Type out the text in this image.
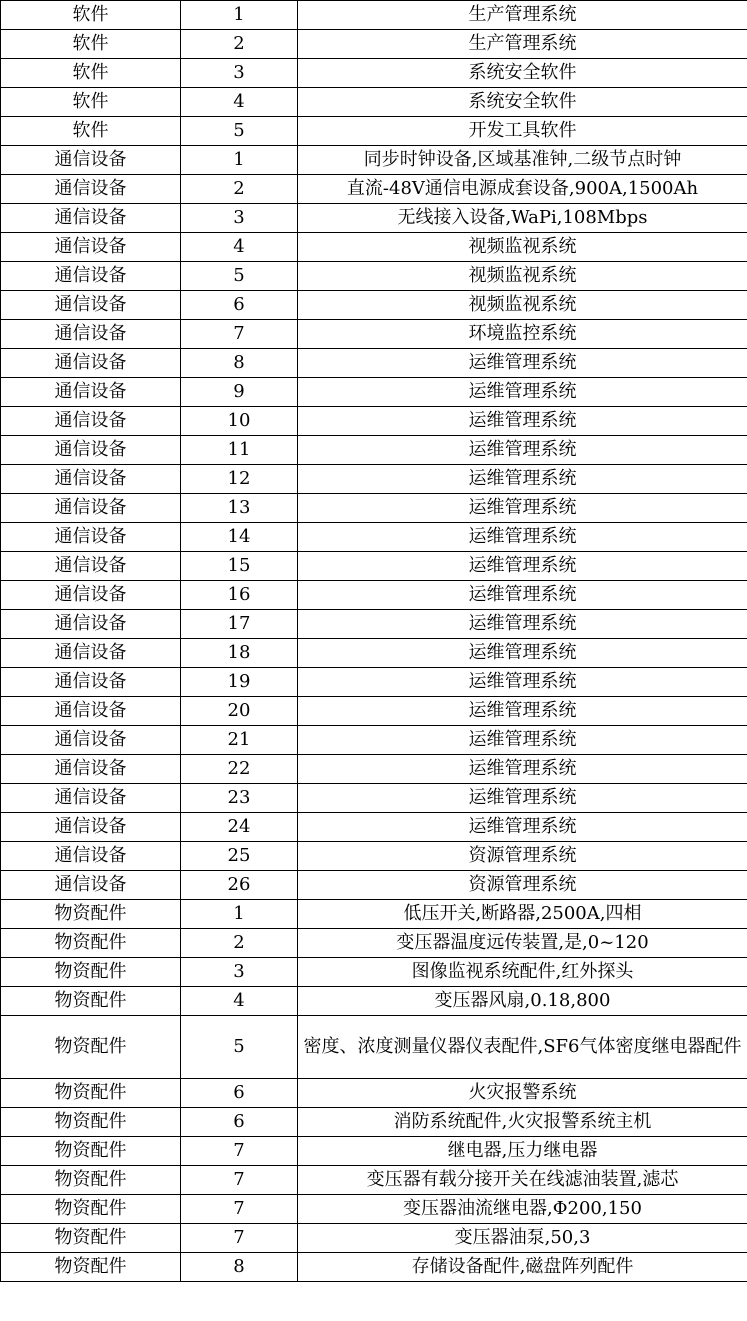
软件	1	生产管理系统
软件	2	生产管理系统
软件	3	系统安全软件
软件	4	系统安全软件
软件	5	开发工具软件
通信设备	1	同步时钟设备,区域基准钟,二级节点时钟
通信设备	2	直流-48V通信电源成套设备,900A,1500Ah
通信设备	3	无线接入设备,WaPi,108Mbps
通信设备	4	视频监视系统
通信设备	5	视频监视系统
通信设备	6	视频监视系统
通信设备	7	环境监控系统
通信设备	8	运维管理系统
通信设备	9	运维管理系统
通信设备	10	运维管理系统
通信设备	11	运维管理系统
通信设备	12	运维管理系统
通信设备	13	运维管理系统
通信设备	14	运维管理系统
通信设备	15	运维管理系统
通信设备	16	运维管理系统
通信设备	17	运维管理系统
通信设备	18	运维管理系统
通信设备	19	运维管理系统
通信设备	20	运维管理系统
通信设备	21	运维管理系统
通信设备	22	运维管理系统
通信设备	23	运维管理系统
通信设备	24	运维管理系统
通信设备	25	资源管理系统
通信设备	26	资源管理系统
物资配件	1	低压开关,断路器,2500A,四相
物资配件	2	变压器温度远传装置,是,0~120
物资配件	3	图像监视系统配件,红外探头
物资配件	4	变压器风扇,0.18,800
物资配件	5	密度、浓度测量仪器仪表配件,SF6气体密度继电器配件
物资配件	6	火灾报警系统
物资配件	6	消防系统配件,火灾报警系统主机
物资配件	7	继电器,压力继电器
物资配件	7	变压器有载分接开关在线滤油装置,滤芯
物资配件	7	变压器油流继电器,Φ200,150
物资配件	7	变压器油泵,50,3
物资配件	8	存储设备配件,磁盘阵列配件
